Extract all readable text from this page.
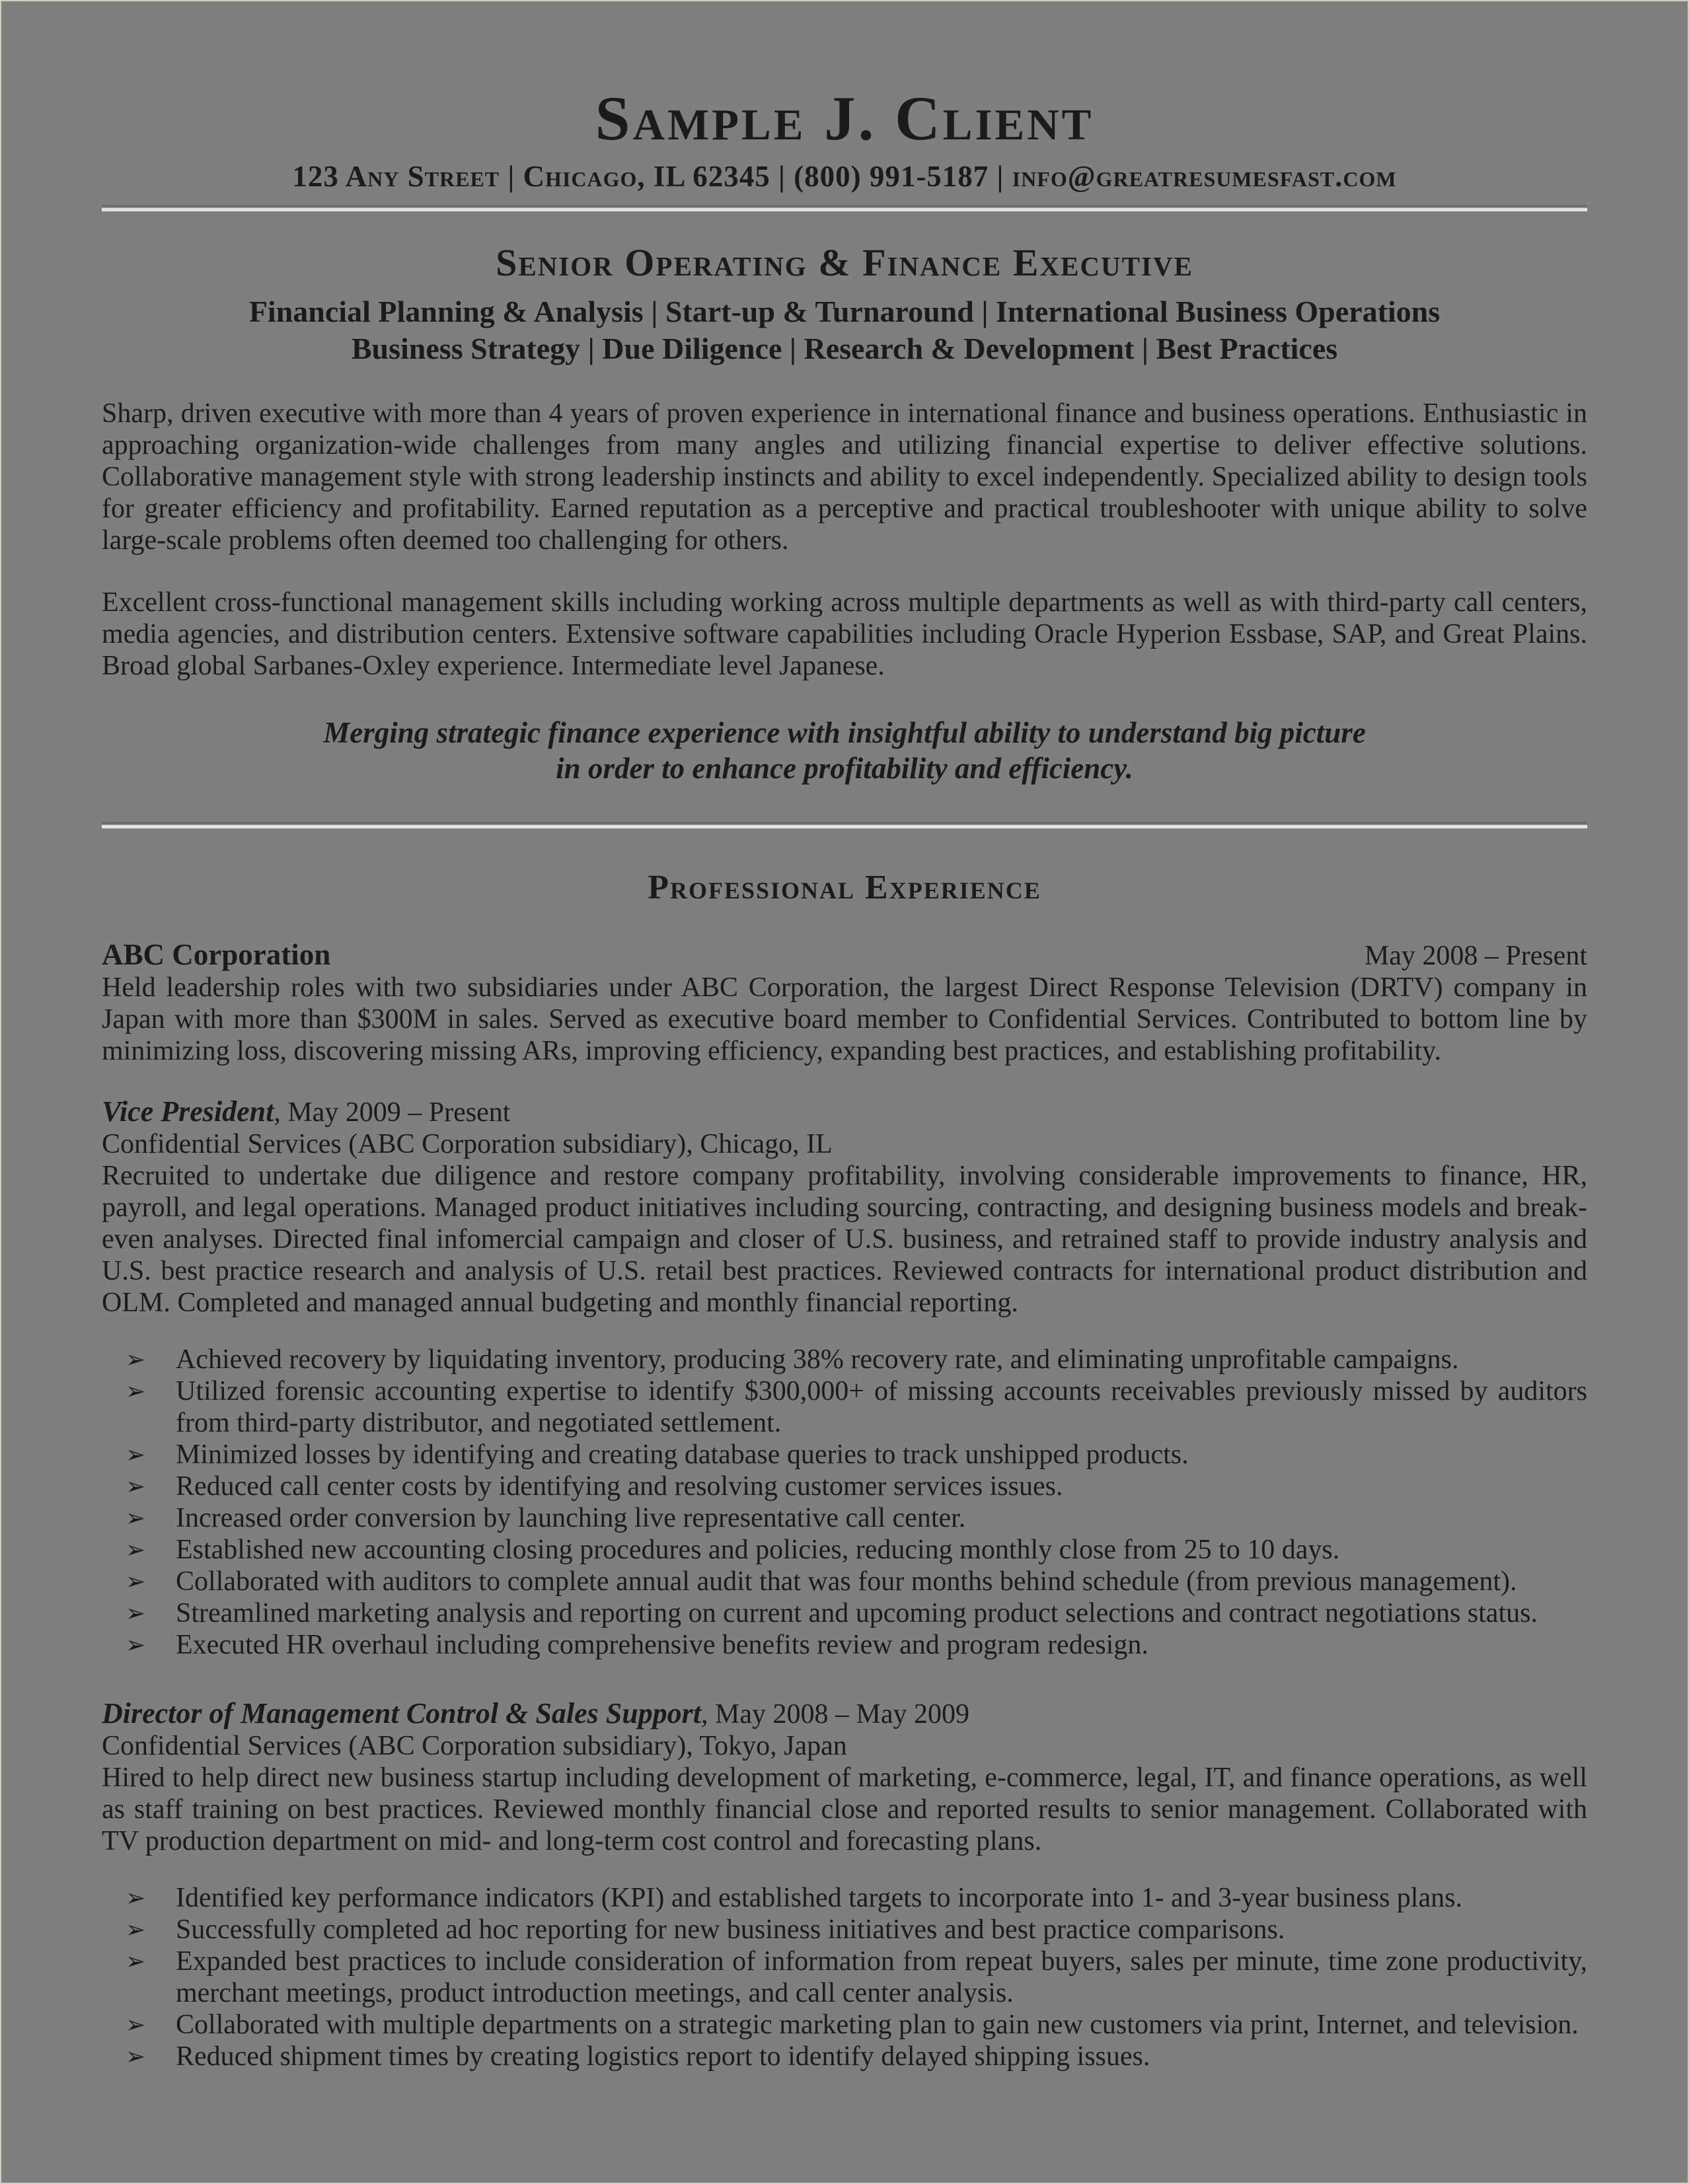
Sample J. Client
123 Any Street | Chicago, IL 62345 | (800) 991-5187 | info@greatresumesfast.com
Senior Operating & Finance Executive
Financial Planning & Analysis | Start-up & Turnaround | International Business Operations
Business Strategy | Due Diligence | Research & Development | Best Practices
Sharp, driven executive with more than 4 years of proven experience in international finance and business operations. Enthusiastic in approaching organization-wide challenges from many angles and utilizing financial expertise to deliver effective solutions. Collaborative management style with strong leadership instincts and ability to excel independently. Specialized ability to design tools for greater efficiency and profitability. Earned reputation as a perceptive and practical troubleshooter with unique ability to solve large-scale problems often deemed too challenging for others.
Excellent cross-functional management skills including working across multiple departments as well as with third-party call centers, media agencies, and distribution centers. Extensive software capabilities including Oracle Hyperion Essbase, SAP, and Great Plains. Broad global Sarbanes-Oxley experience. Intermediate level Japanese.
Merging strategic finance experience with insightful ability to understand big picture
in order to enhance profitability and efficiency.
Professional Experience
ABC Corporation	May 2008 – Present
Held leadership roles with two subsidiaries under ABC Corporation, the largest Direct Response Television (DRTV) company in Japan with more than $300M in sales. Served as executive board member to Confidential Services. Contributed to bottom line by minimizing loss, discovering missing ARs, improving efficiency, expanding best practices, and establishing profitability.
Vice President, May 2009 – Present
Confidential Services (ABC Corporation subsidiary), Chicago, IL
Recruited to undertake due diligence and restore company profitability, involving considerable improvements to finance, HR, payroll, and legal operations. Managed product initiatives including sourcing, contracting, and designing business models and break-even analyses. Directed final infomercial campaign and closer of U.S. business, and retrained staff to provide industry analysis and U.S. best practice research and analysis of U.S. retail best practices. Reviewed contracts for international product distribution and OLM. Completed and managed annual budgeting and monthly financial reporting.
➢ Achieved recovery by liquidating inventory, producing 38% recovery rate, and eliminating unprofitable campaigns.
➢ Utilized forensic accounting expertise to identify $300,000+ of missing accounts receivables previously missed by auditors from third-party distributor, and negotiated settlement.
➢ Minimized losses by identifying and creating database queries to track unshipped products.
➢ Reduced call center costs by identifying and resolving customer services issues.
➢ Increased order conversion by launching live representative call center.
➢ Established new accounting closing procedures and policies, reducing monthly close from 25 to 10 days.
➢ Collaborated with auditors to complete annual audit that was four months behind schedule (from previous management).
➢ Streamlined marketing analysis and reporting on current and upcoming product selections and contract negotiations status.
➢ Executed HR overhaul including comprehensive benefits review and program redesign.
Director of Management Control & Sales Support, May 2008 – May 2009
Confidential Services (ABC Corporation subsidiary), Tokyo, Japan
Hired to help direct new business startup including development of marketing, e-commerce, legal, IT, and finance operations, as well as staff training on best practices. Reviewed monthly financial close and reported results to senior management. Collaborated with TV production department on mid- and long-term cost control and forecasting plans.
➢ Identified key performance indicators (KPI) and established targets to incorporate into 1- and 3-year business plans.
➢ Successfully completed ad hoc reporting for new business initiatives and best practice comparisons.
➢ Expanded best practices to include consideration of information from repeat buyers, sales per minute, time zone productivity, merchant meetings, product introduction meetings, and call center analysis.
➢ Collaborated with multiple departments on a strategic marketing plan to gain new customers via print, Internet, and television.
➢ Reduced shipment times by creating logistics report to identify delayed shipping issues.
